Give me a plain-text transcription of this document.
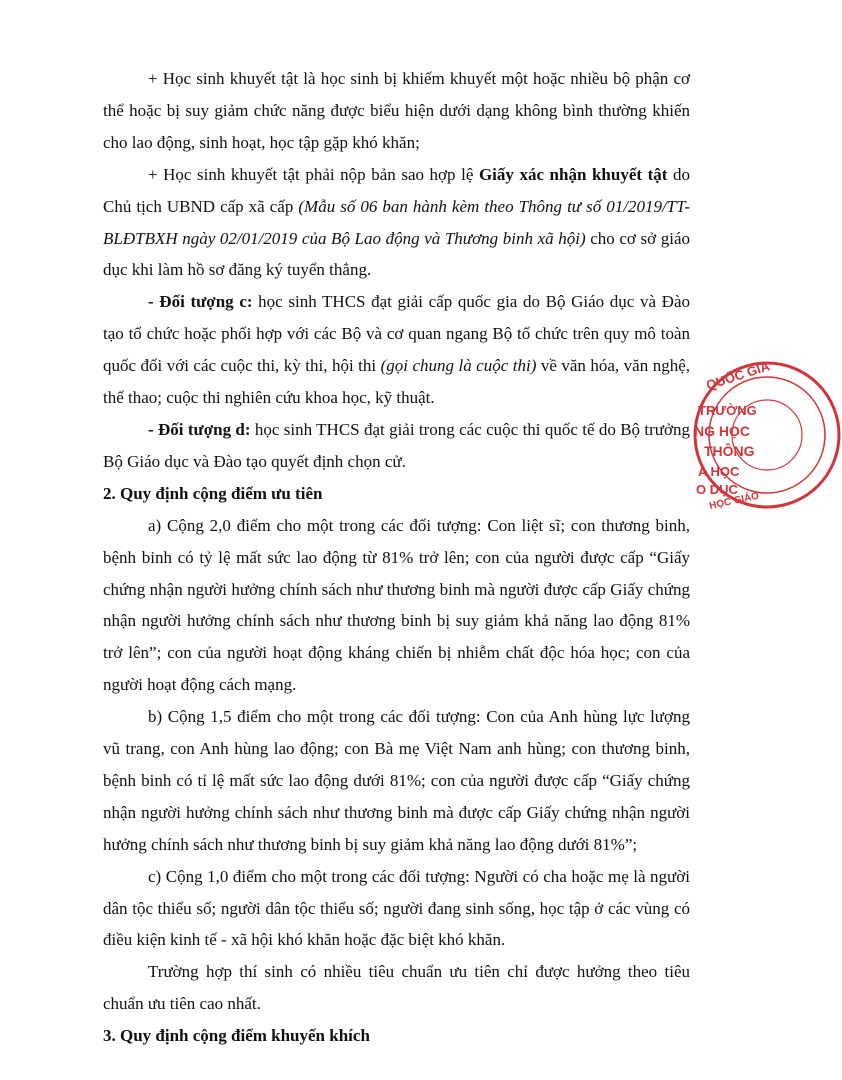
+ Học sinh khuyết tật là học sinh bị khiếm khuyết một hoặc nhiều bộ phận cơ thể hoặc bị suy giảm chức năng được biểu hiện dưới dạng không bình thường khiến cho lao động, sinh hoạt, học tập gặp khó khăn;

+ Học sinh khuyết tật phải nộp bản sao hợp lệ Giấy xác nhận khuyết tật do Chủ tịch UBND cấp xã cấp (Mẫu số 06 ban hành kèm theo Thông tư số 01/2019/TT-BLĐTBXH ngày 02/01/2019 của Bộ Lao động và Thương binh xã hội) cho cơ sở giáo dục khi làm hồ sơ đăng ký tuyển thẳng.

- Đối tượng c: học sinh THCS đạt giải cấp quốc gia do Bộ Giáo dục và Đào tạo tổ chức hoặc phối hợp với các Bộ và cơ quan ngang Bộ tổ chức trên quy mô toàn quốc đối với các cuộc thi, kỳ thi, hội thi (gọi chung là cuộc thi) về văn hóa, văn nghệ, thể thao; cuộc thi nghiên cứu khoa học, kỹ thuật.

- Đối tượng d: học sinh THCS đạt giải trong các cuộc thi quốc tế do Bộ trưởng Bộ Giáo dục và Đào tạo quyết định chọn cử.

2. Quy định cộng điểm ưu tiên

a) Cộng 2,0 điểm cho một trong các đối tượng: Con liệt sĩ; con thương binh, bệnh binh có tỷ lệ mất sức lao động từ 81% trở lên; con của người được cấp “Giấy chứng nhận người hưởng chính sách như thương binh mà người được cấp Giấy chứng nhận người hưởng chính sách như thương binh bị suy giảm khả năng lao động 81% trở lên”; con của người hoạt động kháng chiến bị nhiễm chất độc hóa học; con của người hoạt động cách mạng.

b) Cộng 1,5 điểm cho một trong các đối tượng: Con của Anh hùng lực lượng vũ trang, con Anh hùng lao động; con Bà mẹ Việt Nam anh hùng; con thương binh, bệnh binh có tỉ lệ mất sức lao động dưới 81%; con của người được cấp “Giấy chứng nhận người hưởng chính sách như thương binh mà được cấp Giấy chứng nhận người hưởng chính sách như thương binh bị suy giảm khả năng lao động dưới 81%”;

c) Cộng 1,0 điểm cho một trong các đối tượng: Người có cha hoặc mẹ là người dân tộc thiểu số; người dân tộc thiểu số; người đang sinh sống, học tập ở các vùng có điều kiện kinh tế - xã hội khó khăn hoặc đặc biệt khó khăn.

Trường hợp thí sinh có nhiều tiêu chuẩn ưu tiên chỉ được hưởng theo tiêu chuẩn ưu tiên cao nhất.

3. Quy định cộng điểm khuyến khích

QUỐC GIA
TRƯỜNG
NG HỌC
THÔNG
A HỌC
O DỤC
HỌC GIÁO
